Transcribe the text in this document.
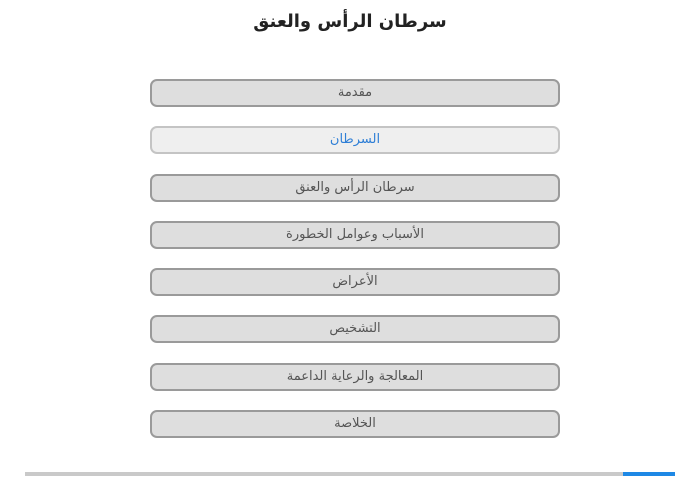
سرطان الرأس والعنق
مقدمة
السرطان
سرطان الرأس والعنق
الأسباب وعوامل الخطورة
الأعراض
التشخيص
المعالجة والرعاية الداعمة
الخلاصة
